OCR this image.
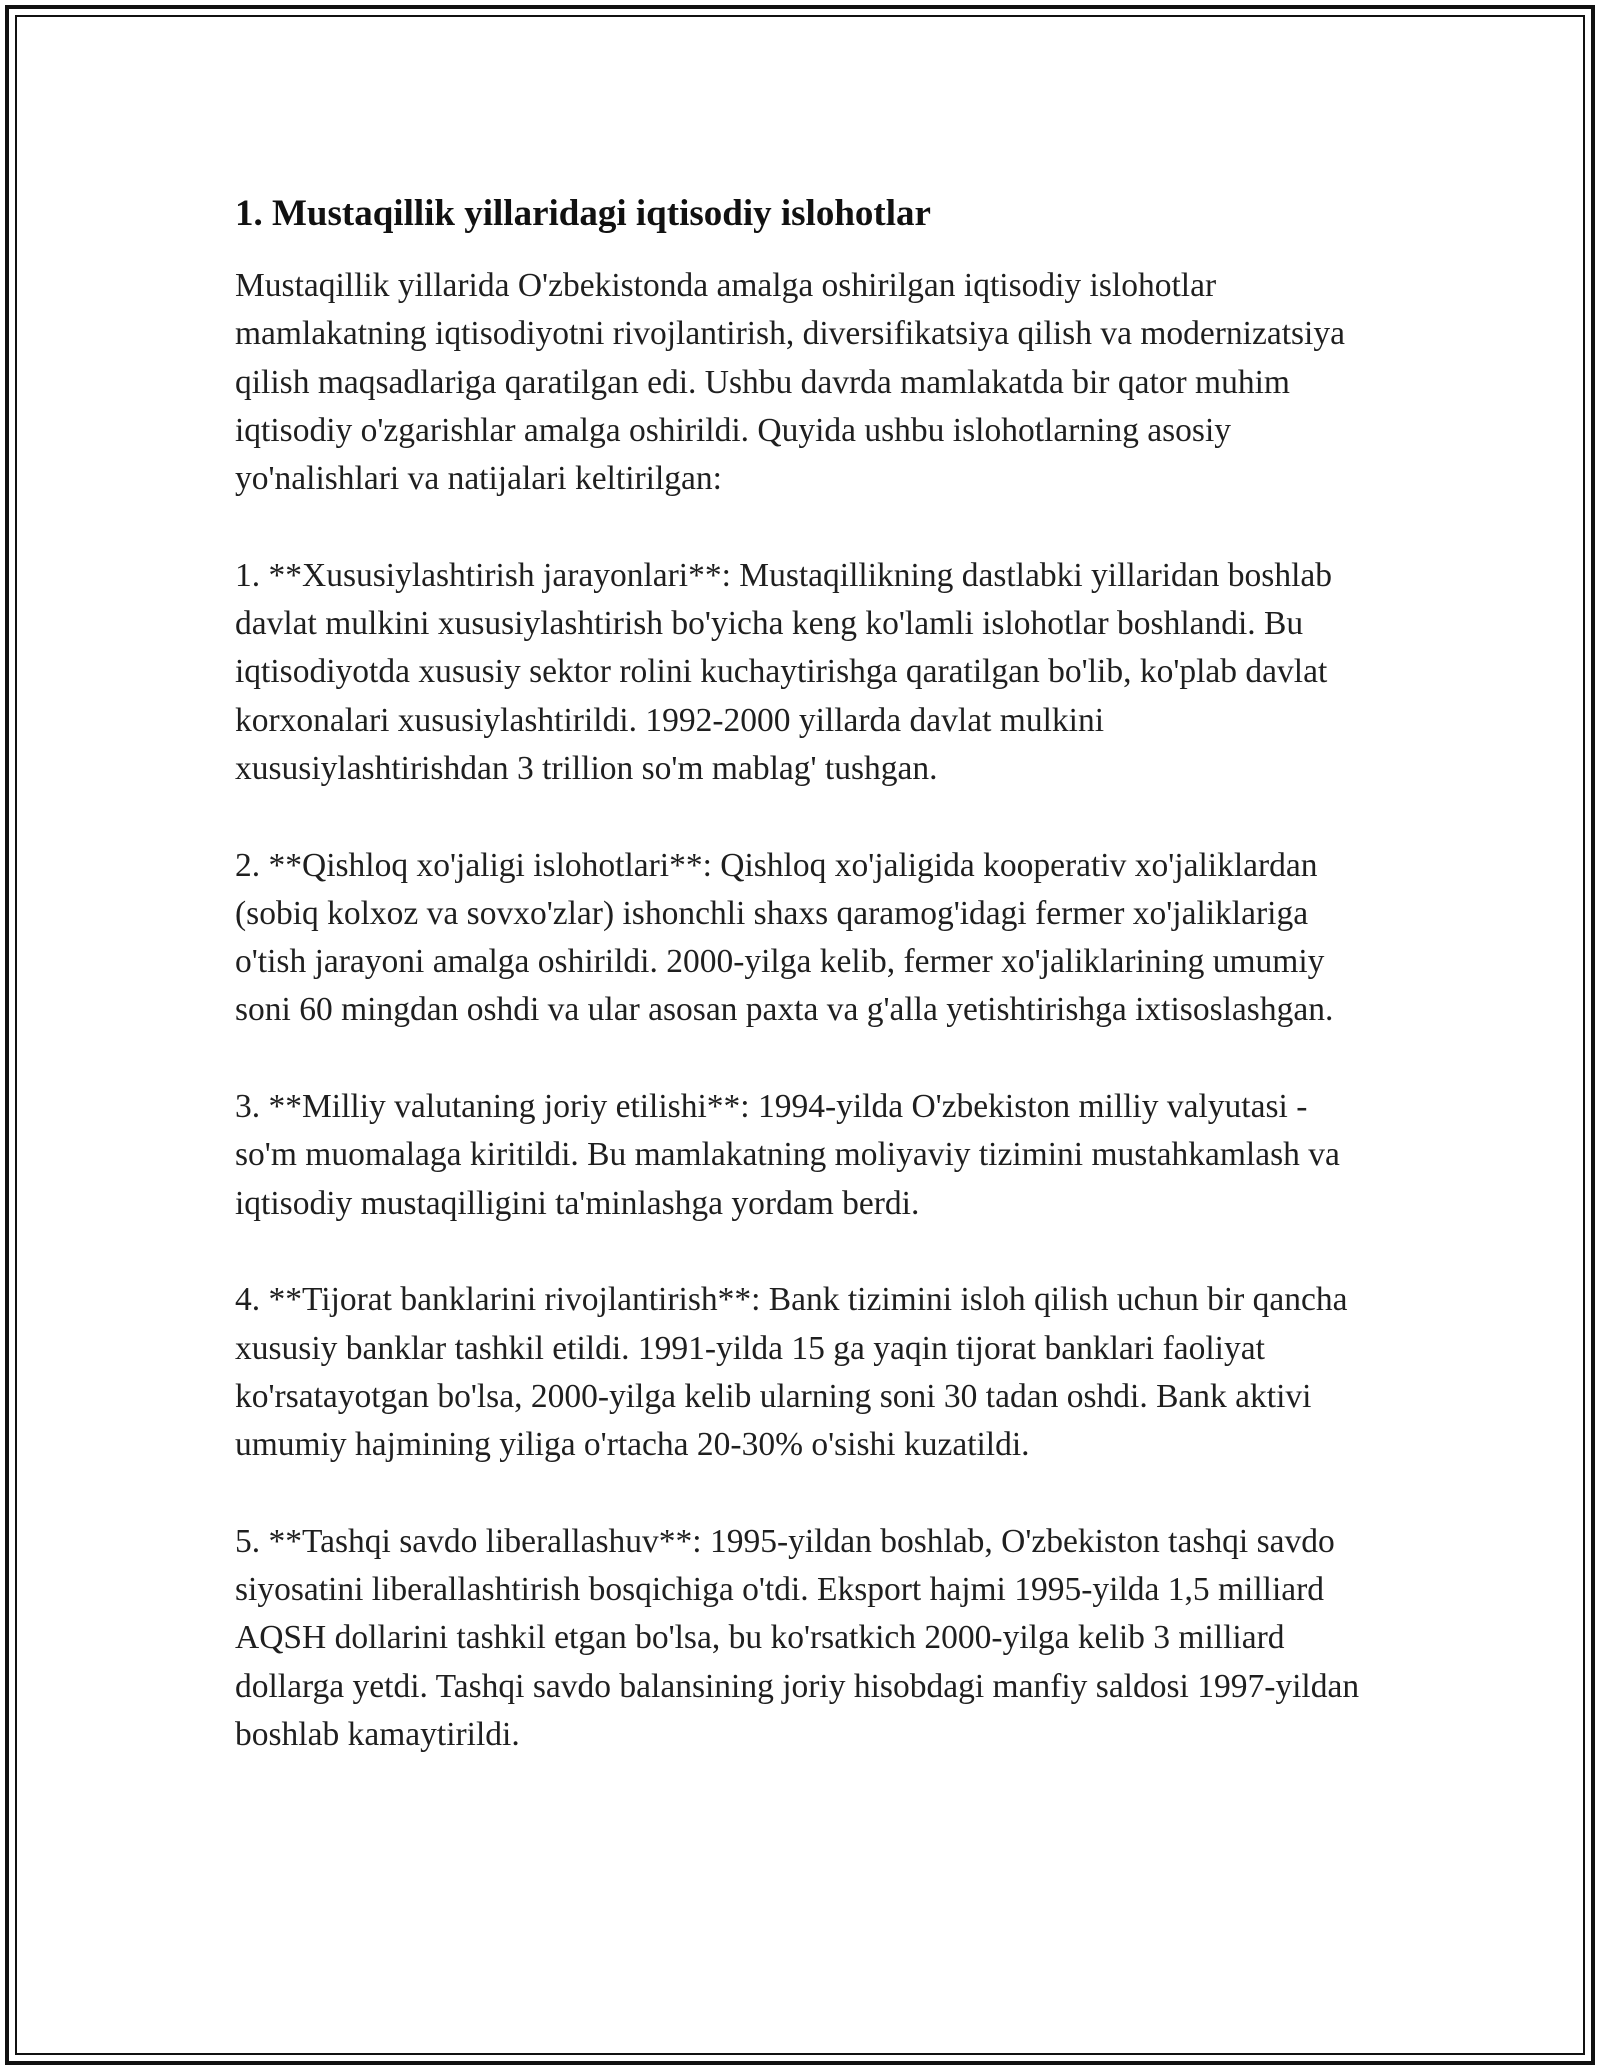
1. Mustaqillik yillaridagi iqtisodiy islohotlar

Mustaqillik yillarida O'zbekistonda amalga oshirilgan iqtisodiy islohotlar mamlakatning iqtisodiyotni rivojlantirish, diversifikatsiya qilish va modernizatsiya qilish maqsadlariga qaratilgan edi. Ushbu davrda mamlakatda bir qator muhim iqtisodiy o'zgarishlar amalga oshirildi. Quyida ushbu islohotlarning asosiy yo'nalishlari va natijalari keltirilgan:

1. **Xususiylashtirish jarayonlari**: Mustaqillikning dastlabki yillaridan boshlab davlat mulkini xususiylashtirish bo'yicha keng ko'lamli islohotlar boshlandi. Bu iqtisodiyotda xususiy sektor rolini kuchaytirishga qaratilgan bo'lib, ko'plab davlat korxonalari xususiylashtirildi. 1992-2000 yillarda davlat mulkini xususiylashtirishdan 3 trillion so'm mablag' tushgan.

2. **Qishloq xo'jaligi islohotlari**: Qishloq xo'jaligida kooperativ xo'jaliklardan (sobiq kolxoz va sovxo'zlar) ishonchli shaxs qaramog'idagi fermer xo'jaliklariga o'tish jarayoni amalga oshirildi. 2000-yilga kelib, fermer xo'jaliklarining umumiy soni 60 mingdan oshdi va ular asosan paxta va g'alla yetishtirishga ixtisoslashgan.

3. **Milliy valutaning joriy etilishi**: 1994-yilda O'zbekiston milliy valyutasi - so'm muomalaga kiritildi. Bu mamlakatning moliyaviy tizimini mustahkamlash va iqtisodiy mustaqilligini ta'minlashga yordam berdi.

4. **Tijorat banklarini rivojlantirish**: Bank tizimini isloh qilish uchun bir qancha xususiy banklar tashkil etildi. 1991-yilda 15 ga yaqin tijorat banklari faoliyat ko'rsatayotgan bo'lsa, 2000-yilga kelib ularning soni 30 tadan oshdi. Bank aktivi umumiy hajmining yiliga o'rtacha 20-30% o'sishi kuzatildi.

5. **Tashqi savdo liberallashuv**: 1995-yildan boshlab, O'zbekiston tashqi savdo siyosatini liberallashtirish bosqichiga o'tdi. Eksport hajmi 1995-yilda 1,5 milliard AQSH dollarini tashkil etgan bo'lsa, bu ko'rsatkich 2000-yilga kelib 3 milliard dollarga yetdi. Tashqi savdo balansining joriy hisobdagi manfiy saldosi 1997-yildan boshlab kamaytirildi.
